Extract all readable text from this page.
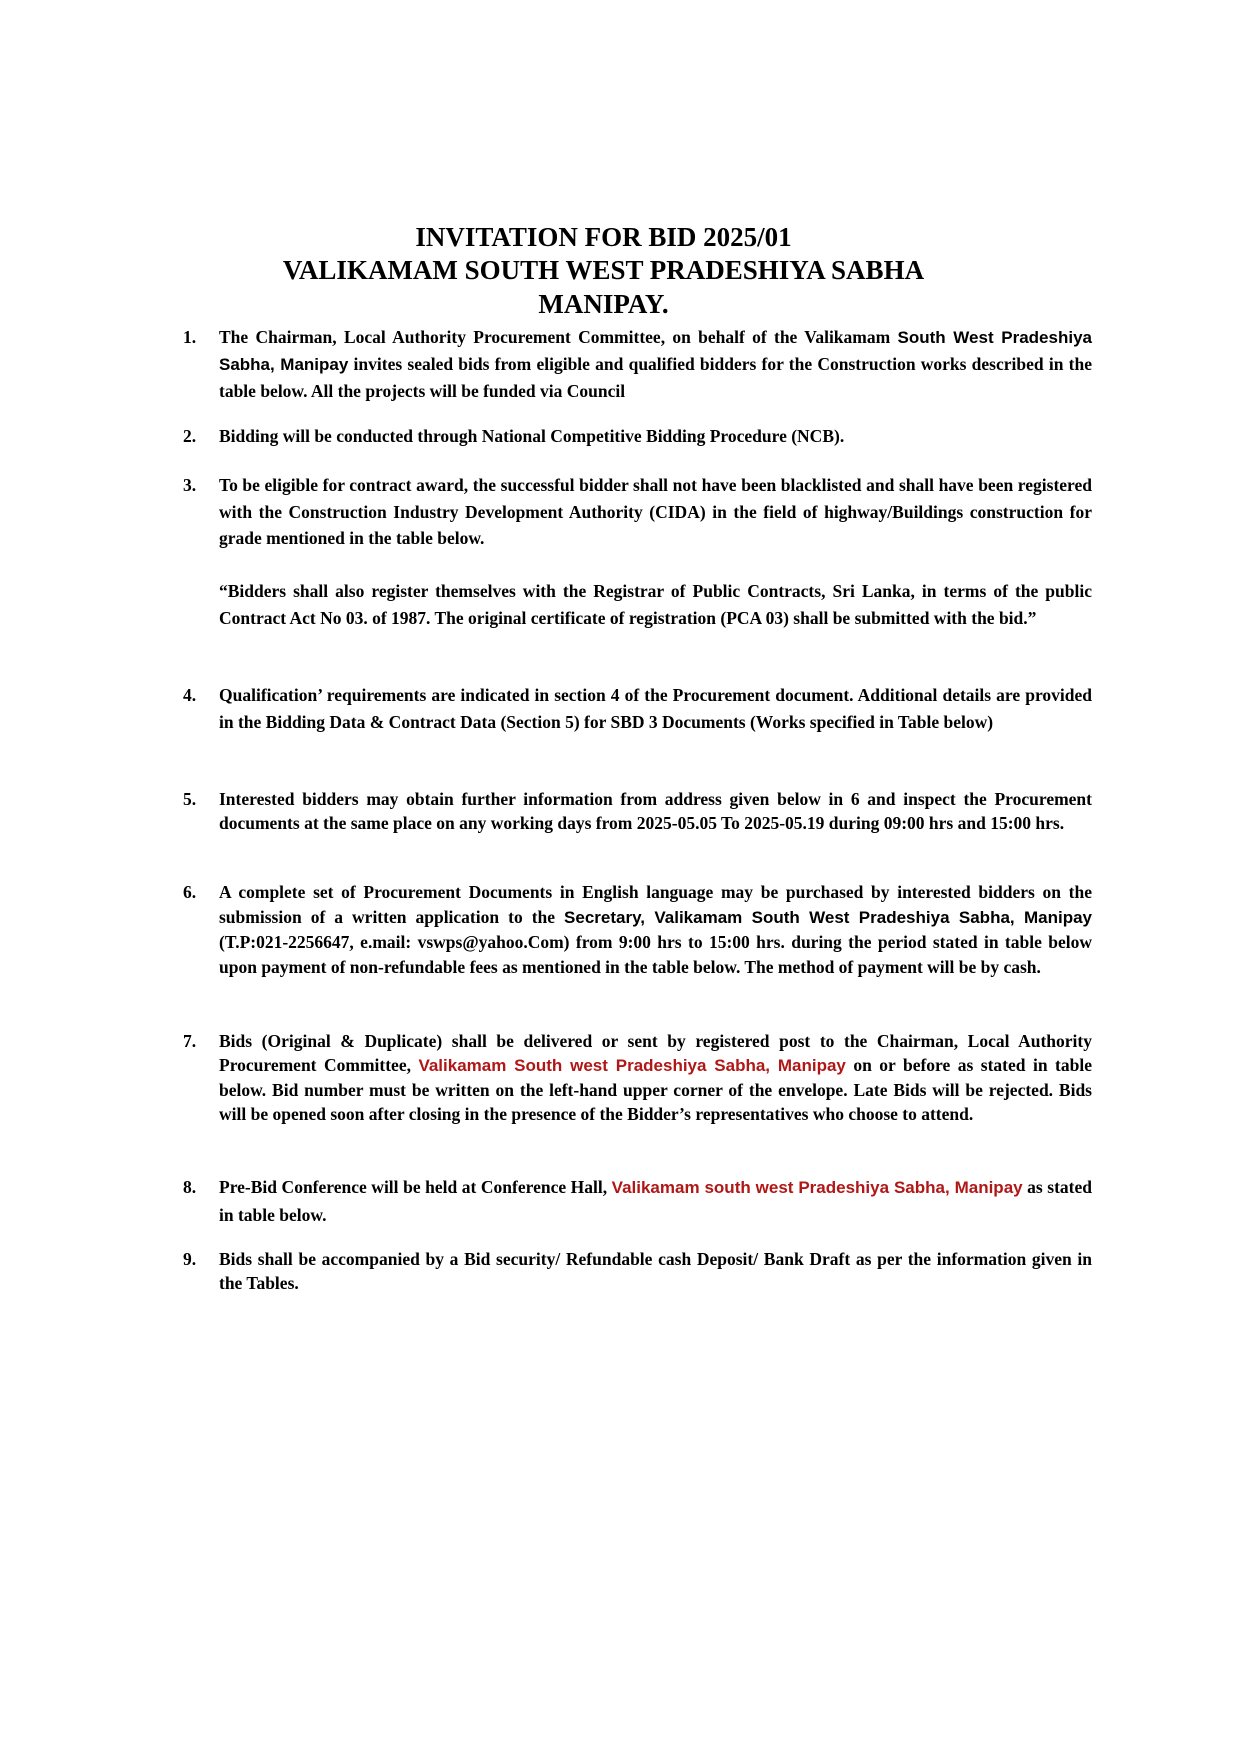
INVITATION FOR BID 2025/01
VALIKAMAM SOUTH WEST PRADESHIYA SABHA
MANIPAY.
1.	The Chairman, Local Authority Procurement Committee, on behalf of the Valikamam South West Pradeshiya Sabha, Manipay invites sealed bids from eligible and qualified bidders for the Construction works described in the table below. All the projects will be funded via Council
2.	Bidding will be conducted through National Competitive Bidding Procedure (NCB).
3.	To be eligible for contract award, the successful bidder shall not have been blacklisted and shall have been registered with the Construction Industry Development Authority (CIDA) in the field of highway/Buildings construction for grade mentioned in the table below.
“Bidders shall also register themselves with the Registrar of Public Contracts, Sri Lanka, in terms of the public Contract Act No 03. of 1987. The original certificate of registration (PCA 03) shall be submitted with the bid.”
4.	Qualification’ requirements are indicated in section 4 of the Procurement document. Additional details are provided in the Bidding Data & Contract Data (Section 5) for SBD 3 Documents (Works specified in Table below)
5.	Interested bidders may obtain further information from address given below in 6 and inspect the Procurement documents at the same place on any working days from 2025-05.05 To 2025-05.19 during 09:00 hrs and 15:00 hrs.
6.	A complete set of Procurement Documents in English language may be purchased by interested bidders on the submission of a written application to the Secretary, Valikamam South West Pradeshiya Sabha, Manipay (T.P:021-2256647, e.mail: vswps@yahoo.Com) from 9:00 hrs to 15:00 hrs. during the period stated in table below upon payment of non-refundable fees as mentioned in the table below. The method of payment will be by cash.
7.	Bids (Original & Duplicate) shall be delivered or sent by registered post to the Chairman, Local Authority Procurement Committee, Valikamam South west Pradeshiya Sabha, Manipay on or before as stated in table below. Bid number must be written on the left-hand upper corner of the envelope. Late Bids will be rejected. Bids will be opened soon after closing in the presence of the Bidder’s representatives who choose to attend.
8.	Pre-Bid Conference will be held at Conference Hall, Valikamam south west Pradeshiya Sabha, Manipay as stated in table below.
9.	Bids shall be accompanied by a Bid security/ Refundable cash Deposit/ Bank Draft as per the information given in the Tables.
